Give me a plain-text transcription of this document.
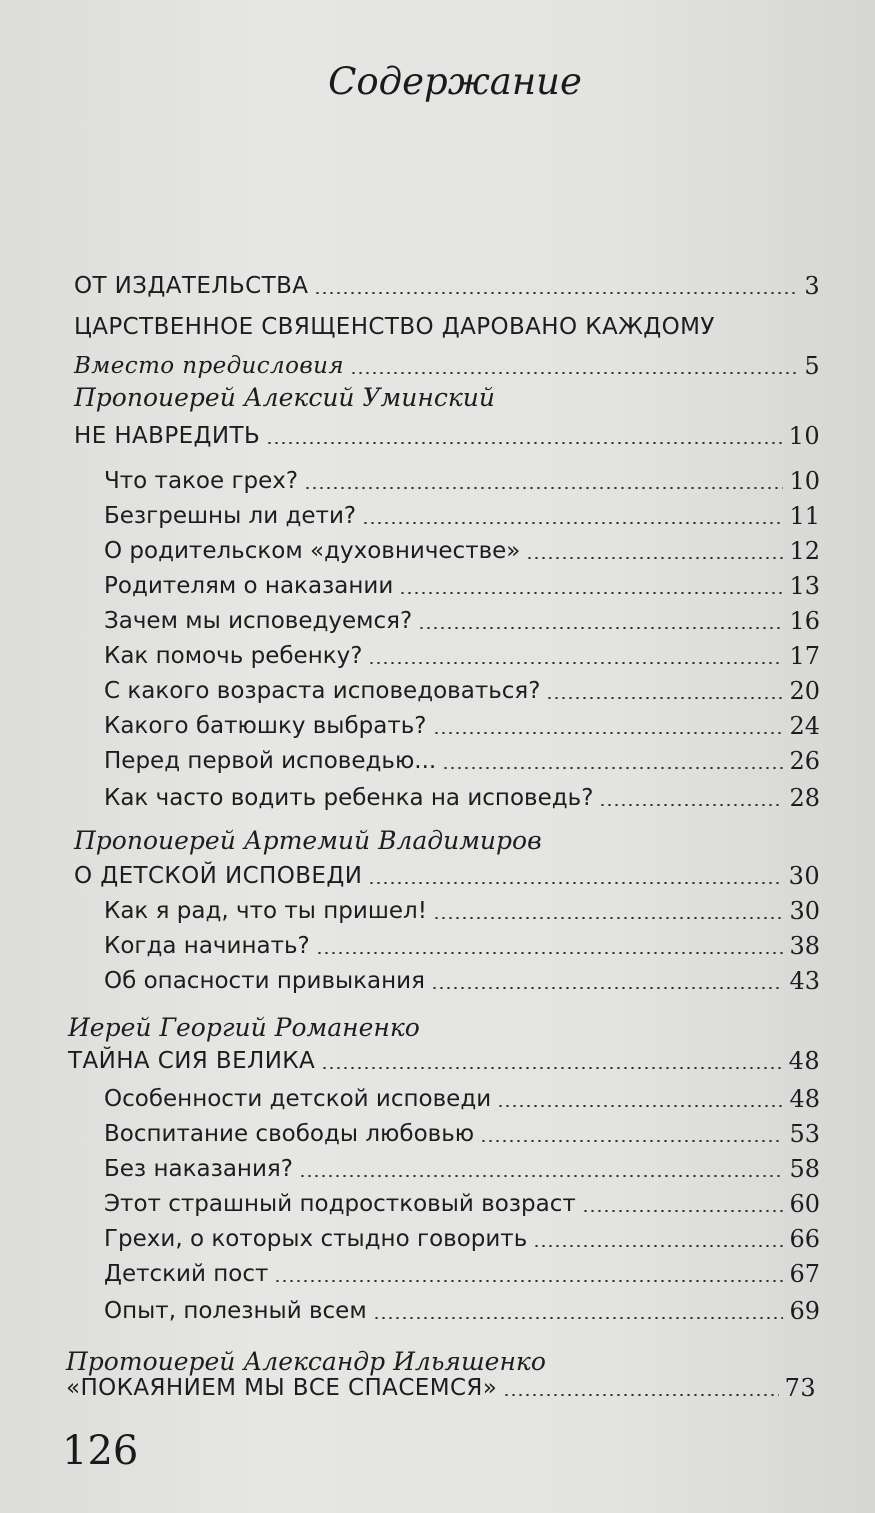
Содержание
ОТ ИЗДАТЕЛЬСТВА	3
ЦАРСТВЕННОЕ СВЯЩЕНСТВО ДАРОВАНО КАЖДОМУ
Вместо предисловия	5
Пропоиерей Алексий Уминский
НЕ НАВРЕДИТЬ	10
Что такое грех?	10
Безгрешны ли дети?	11
О родительском «духовничестве»	12
Родителям о наказании	13
Зачем мы исповедуемся?	16
Как помочь ребенку?	17
С какого возраста исповедоваться?	20
Какого батюшку выбрать?	24
Перед первой исповедью...	26
Как часто водить ребенка на исповедь?	28
Пропоиерей Артемий Владимиров
О ДЕТСКОЙ ИСПОВЕДИ	30
Как я рад, что ты пришел!	30
Когда начинать?	38
Об опасности привыкания	43
Иерей Георгий Романенко
ТАЙНА СИЯ ВЕЛИКА	48
Особенности детской исповеди	48
Воспитание свободы любовью	53
Без наказания?	58
Этот страшный подростковый возраст	60
Грехи, о которых стыдно говорить	66
Детский пост	67
Опыт, полезный всем	69
Протоиерей Александр Ильяшенко
«ПОКАЯНИЕМ МЫ ВСЕ СПАСЕМСЯ»	73
126
